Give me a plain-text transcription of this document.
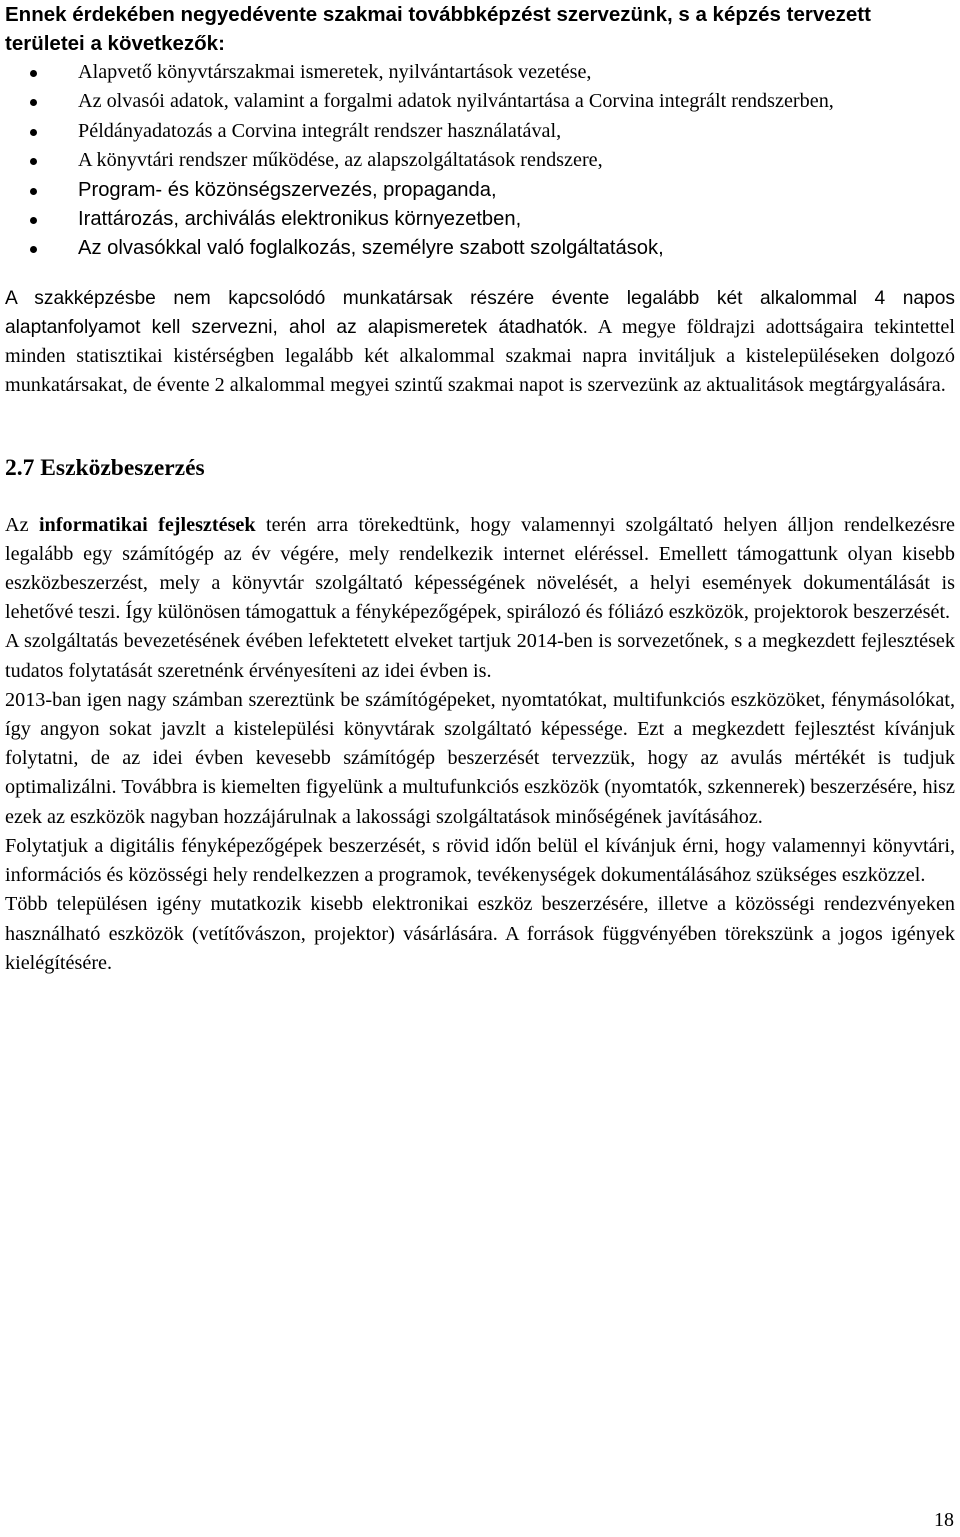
Ennek érdekében negyedévente szakmai továbbképzést szervezünk, s a képzés tervezett
területei a következők:
Alapvető könyvtárszakmai ismeretek, nyilvántartások vezetése,
Az olvasói adatok, valamint a forgalmi adatok nyilvántartása a Corvina integrált rendszerben,
Példányadatozás a Corvina integrált rendszer használatával,
A könyvtári rendszer működése, az alapszolgáltatások rendszere,
Program- és közönségszervezés, propaganda,
Irattározás, archiválás elektronikus környezetben,
Az olvasókkal való foglalkozás, személyre szabott szolgáltatások,

A szakképzésbe nem kapcsolódó munkatársak részére évente legalább két alkalommal 4 napos alaptanfolyamot kell szervezni, ahol az alapismeretek átadhatók. A megye földrajzi adottságaira tekintettel minden statisztikai kistérségben legalább két alkalommal szakmai napra invitáljuk a kistelepüléseken dolgozó munkatársakat, de évente 2 alkalommal megyei szintű szakmai napot is szervezünk az aktualitások megtárgyalására.

2.7 Eszközbeszerzés

Az informatikai fejlesztések terén arra törekedtünk, hogy valamennyi szolgáltató helyen álljon rendelkezésre legalább egy számítógép az év végére, mely rendelkezik internet eléréssel. Emellett támogattunk olyan kisebb eszközbeszerzést, mely a könyvtár szolgáltató képességének növelését, a helyi események dokumentálását is lehetővé teszi. Így különösen támogattuk a fényképezőgépek, spirálozó és fóliázó eszközök, projektorok beszerzését.

A szolgáltatás bevezetésének évében lefektetett elveket tartjuk 2014-ben is sorvezetőnek, s a megkezdett fejlesztések tudatos folytatását szeretnénk érvényesíteni az idei évben is.

2013-ban igen nagy számban szereztünk be számítógépeket, nyomtatókat, multifunkciós eszközöket, fénymásolókat, így angyon sokat javzlt a kistelepülési könyvtárak szolgáltató képessége. Ezt a megkezdett fejlesztést kívánjuk folytatni, de az idei évben kevesebb számítógép beszerzését tervezzük, hogy az avulás mértékét is tudjuk optimalizálni. Továbbra is kiemelten figyelünk a multufunkciós eszközök (nyomtatók, szkennerek) beszerzésére, hisz ezek az eszközök nagyban hozzájárulnak a lakossági szolgáltatások minőségének javításához.

Folytatjuk a digitális fényképezőgépek beszerzését, s rövid időn belül el kívánjuk érni, hogy valamennyi könyvtári, információs és közösségi hely rendelkezzen a programok, tevékenységek dokumentálásához szükséges eszközzel.

Több településen igény mutatkozik kisebb elektronikai eszköz beszerzésére, illetve a közösségi rendezvényeken használható eszközök (vetítővászon, projektor) vásárlására. A források függvényében törekszünk a jogos igények kielégítésére.

18
